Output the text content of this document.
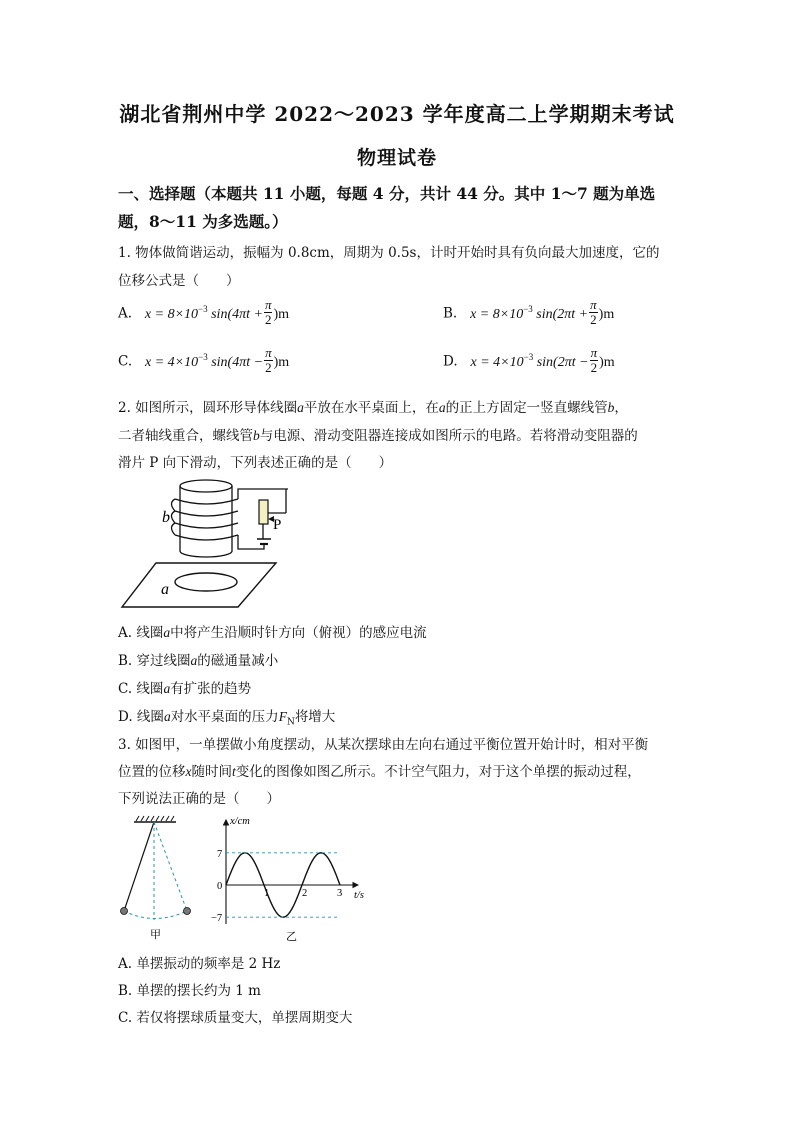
湖北省荆州中学 2022～2023 学年度高二上学期期末考试
物理试卷
一、选择题（本题共 11 小题，每题 4 分，共计 44 分。其中 1～7 题为单选
题，8～11 为多选题。）
1. 物体做简谐运动，振幅为 0.8cm，周期为 0.5s，计时开始时具有负向最大加速度，它的
位移公式是（　　）
A. $x = 8\times 10^{-3}$ $\sin(4\pi t + \frac{\pi}{2} )m$	B. $x = 8\times 10^{-3}$ $\sin(2\pi t + \frac{\pi}{2} )m$
C. $x = 4\times 10^{-3}$ $\sin(4\pi t - \frac{\pi}{2} )m$	D. $x = 4\times 10^{-3}$ $\sin(2\pi t - \frac{\pi}{2} )m$
2. 如图所示，圆环形导体线圈a平放在水平桌面上，在a的正上方固定一竖直螺线管b，
二者轴线重合，螺线管b与电源、滑动变阻器连接成如图所示的电路。若将滑动变阻器的
滑片 P 向下滑动，下列表述正确的是（　　）
b
a
P
A. 线圈a中将产生沿顺时针方向（俯视）的感应电流
B. 穿过线圈a的磁通量减小
C. 线圈a有扩张的趋势
D. 线圈a对水平桌面的压力$F_N$将增大
3. 如图甲，一单摆做小角度摆动，从某次摆球由左向右通过平衡位置开始计时，相对平衡
位置的位移x随时间t变化的图像如图乙所示。不计空气阻力，对于这个单摆的振动过程，
下列说法正确的是（　　）
甲
x/cm
t/s
1	2	3
7
0
−7
乙
A. 单摆振动的频率是 2 Hz
B. 单摆的摆长约为 1 m
C. 若仅将摆球质量变大，单摆周期变大
